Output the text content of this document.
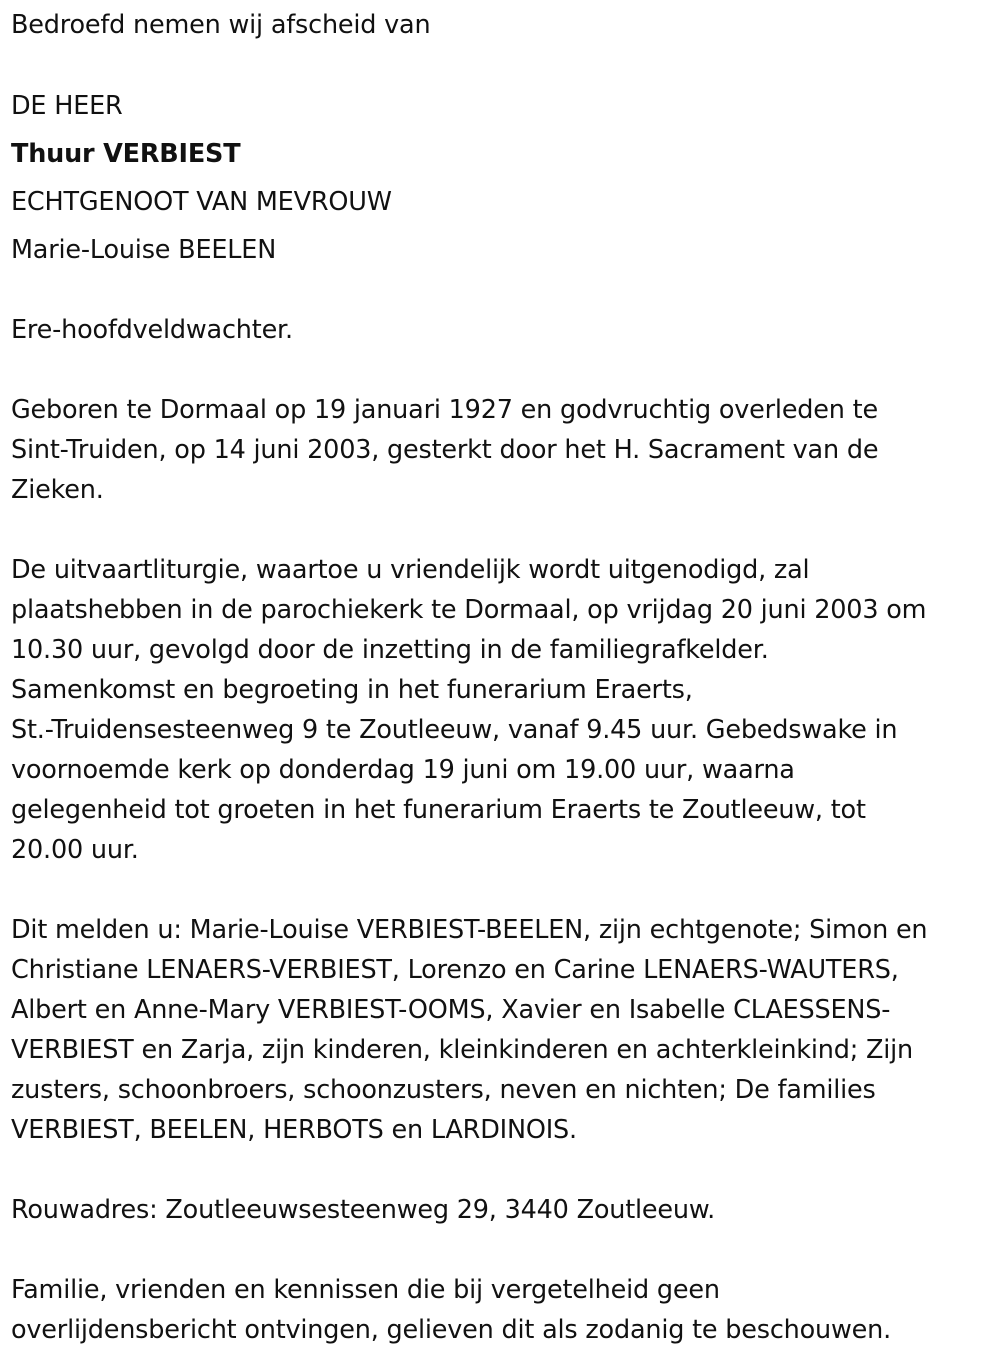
Bedroefd nemen wij afscheid van

DE HEER

Thuur VERBIEST

ECHTGENOOT VAN MEVROUW

Marie-Louise BEELEN

Ere-hoofdveldwachter.

Geboren te Dormaal op 19 januari 1927 en godvruchtig overleden te

Sint-Truiden, op 14 juni 2003, gesterkt door het H. Sacrament van de

Zieken.

De uitvaartliturgie, waartoe u vriendelijk wordt uitgenodigd, zal

plaatshebben in de parochiekerk te Dormaal, op vrijdag 20 juni 2003 om

10.30 uur, gevolgd door de inzetting in de familiegrafkelder.

Samenkomst en begroeting in het funerarium Eraerts,

St.-Truidensesteenweg 9 te Zoutleeuw, vanaf 9.45 uur. Gebedswake in

voornoemde kerk op donderdag 19 juni om 19.00 uur, waarna

gelegenheid tot groeten in het funerarium Eraerts te Zoutleeuw, tot

20.00 uur.

Dit melden u: Marie-Louise VERBIEST-BEELEN, zijn echtgenote; Simon en

Christiane LENAERS-VERBIEST, Lorenzo en Carine LENAERS-WAUTERS,

Albert en Anne-Mary VERBIEST-OOMS, Xavier en Isabelle CLAESSENS-

VERBIEST en Zarja, zijn kinderen, kleinkinderen en achterkleinkind; Zijn

zusters, schoonbroers, schoonzusters, neven en nichten; De families

VERBIEST, BEELEN, HERBOTS en LARDINOIS.

Rouwadres: Zoutleeuwsesteenweg 29, 3440 Zoutleeuw.

Familie, vrienden en kennissen die bij vergetelheid geen

overlijdensbericht ontvingen, gelieven dit als zodanig te beschouwen.
